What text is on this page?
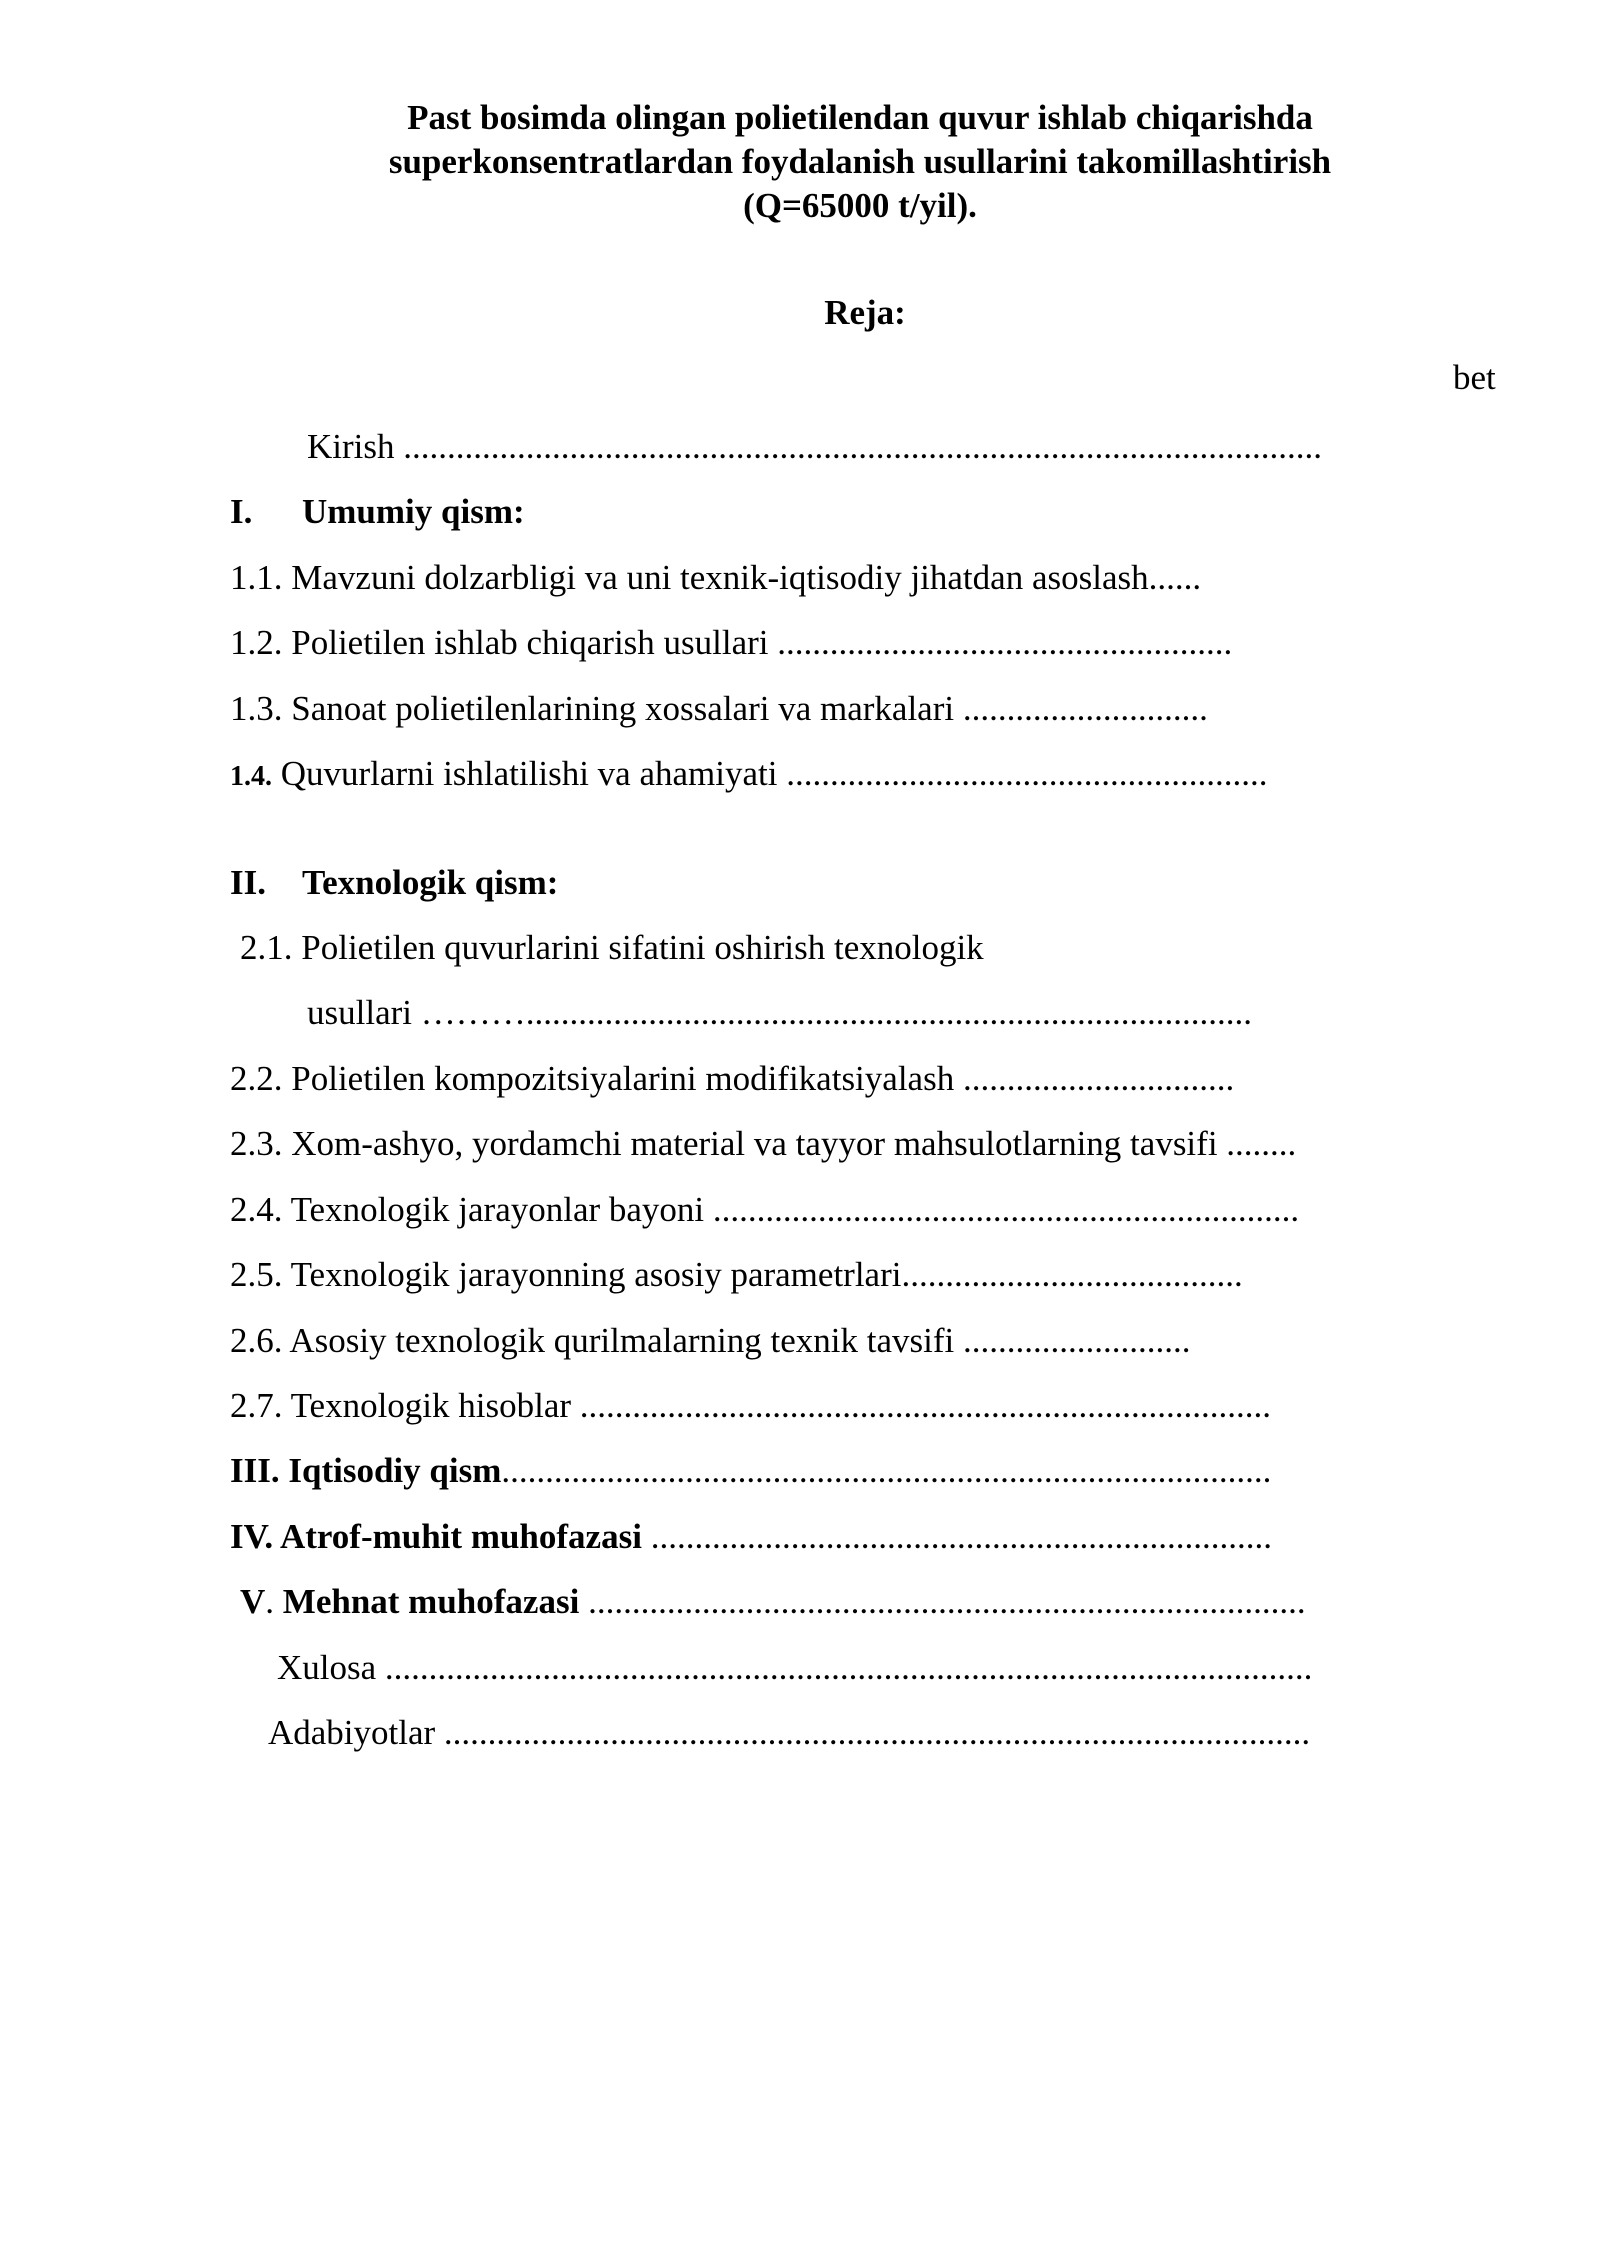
Past bosimda olingan polietilendan quvur ishlab chiqarishda
superkonsentratlardan foydalanish usullarini takomillashtirish
(Q=65000 t/yil).
Reja:
bet
Kirish .........................................................................................................
I. Umumiy qism:
1.1. Mavzuni dolzarbligi va uni texnik-iqtisodiy jihatdan asoslash......
1.2. Polietilen ishlab chiqarish usullari ....................................................
1.3. Sanoat polietilenlarining xossalari va markalari ............................
1.4. Quvurlarni ishlatilishi va ahamiyati .......................................................
II. Texnologik qism:
2.1. Polietilen quvurlarini sifatini oshirish texnologik
usullari ………...................................................................................
2.2. Polietilen kompozitsiyalarini modifikatsiyalash ...............................
2.3. Xom-ashyo, yordamchi material va tayyor mahsulotlarning tavsifi ........
2.4. Texnologik jarayonlar bayoni ...................................................................
2.5. Texnologik jarayonning asosiy parametrlari.......................................
2.6. Asosiy texnologik qurilmalarning texnik tavsifi ..........................
2.7. Texnologik hisoblar ...............................................................................
III. Iqtisodiy qism........................................................................................
IV. Atrof-muhit muhofazasi .......................................................................
V. Mehnat muhofazasi ..................................................................................
Xulosa ..........................................................................................................
Adabiyotlar ...................................................................................................
